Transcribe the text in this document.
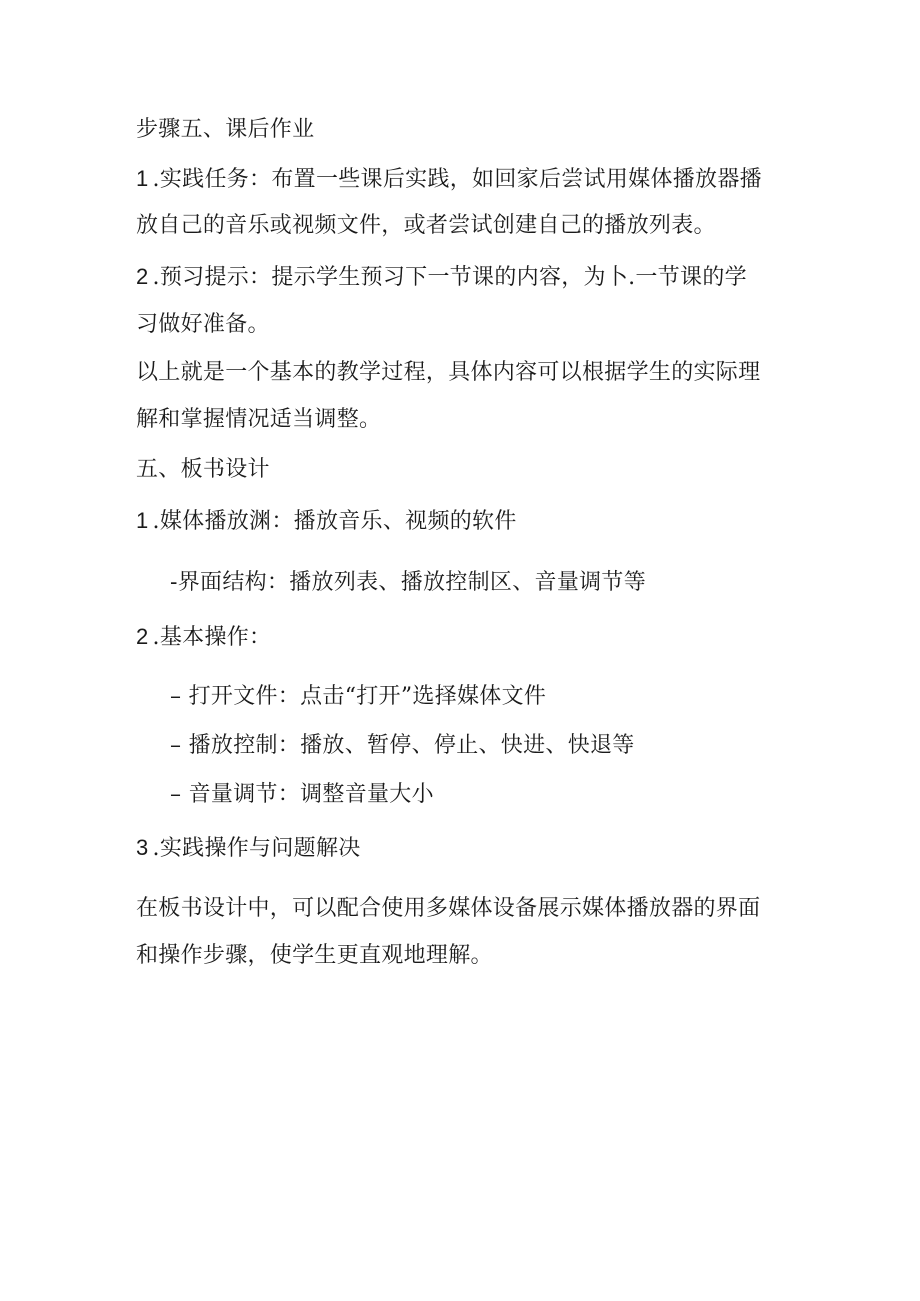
步骤五、课后作业
1 .实践任务：布置一些课后实践，如回家后尝试用媒体播放器播
放自己的音乐或视频文件，或者尝试创建自己的播放列表。
2 .预习提示：提示学生预习下一节课的内容，为卜.一节课的学
习做好准备。
以上就是一个基本的教学过程，具体内容可以根据学生的实际理
解和掌握情况适当调整。
五、板书设计
1 .媒体播放渊：播放音乐、视频的软件
-界面结构：播放列表、播放控制区、音量调节等
2 .基本操作：
– 打开文件：点击“打开”选择媒体文件
– 播放控制：播放、暂停、停止、快进、快退等
– 音量调节：调整音量大小
3 .实践操作与问题解决
在板书设计中，可以配合使用多媒体设备展示媒体播放器的界面
和操作步骤，使学生更直观地理解。
